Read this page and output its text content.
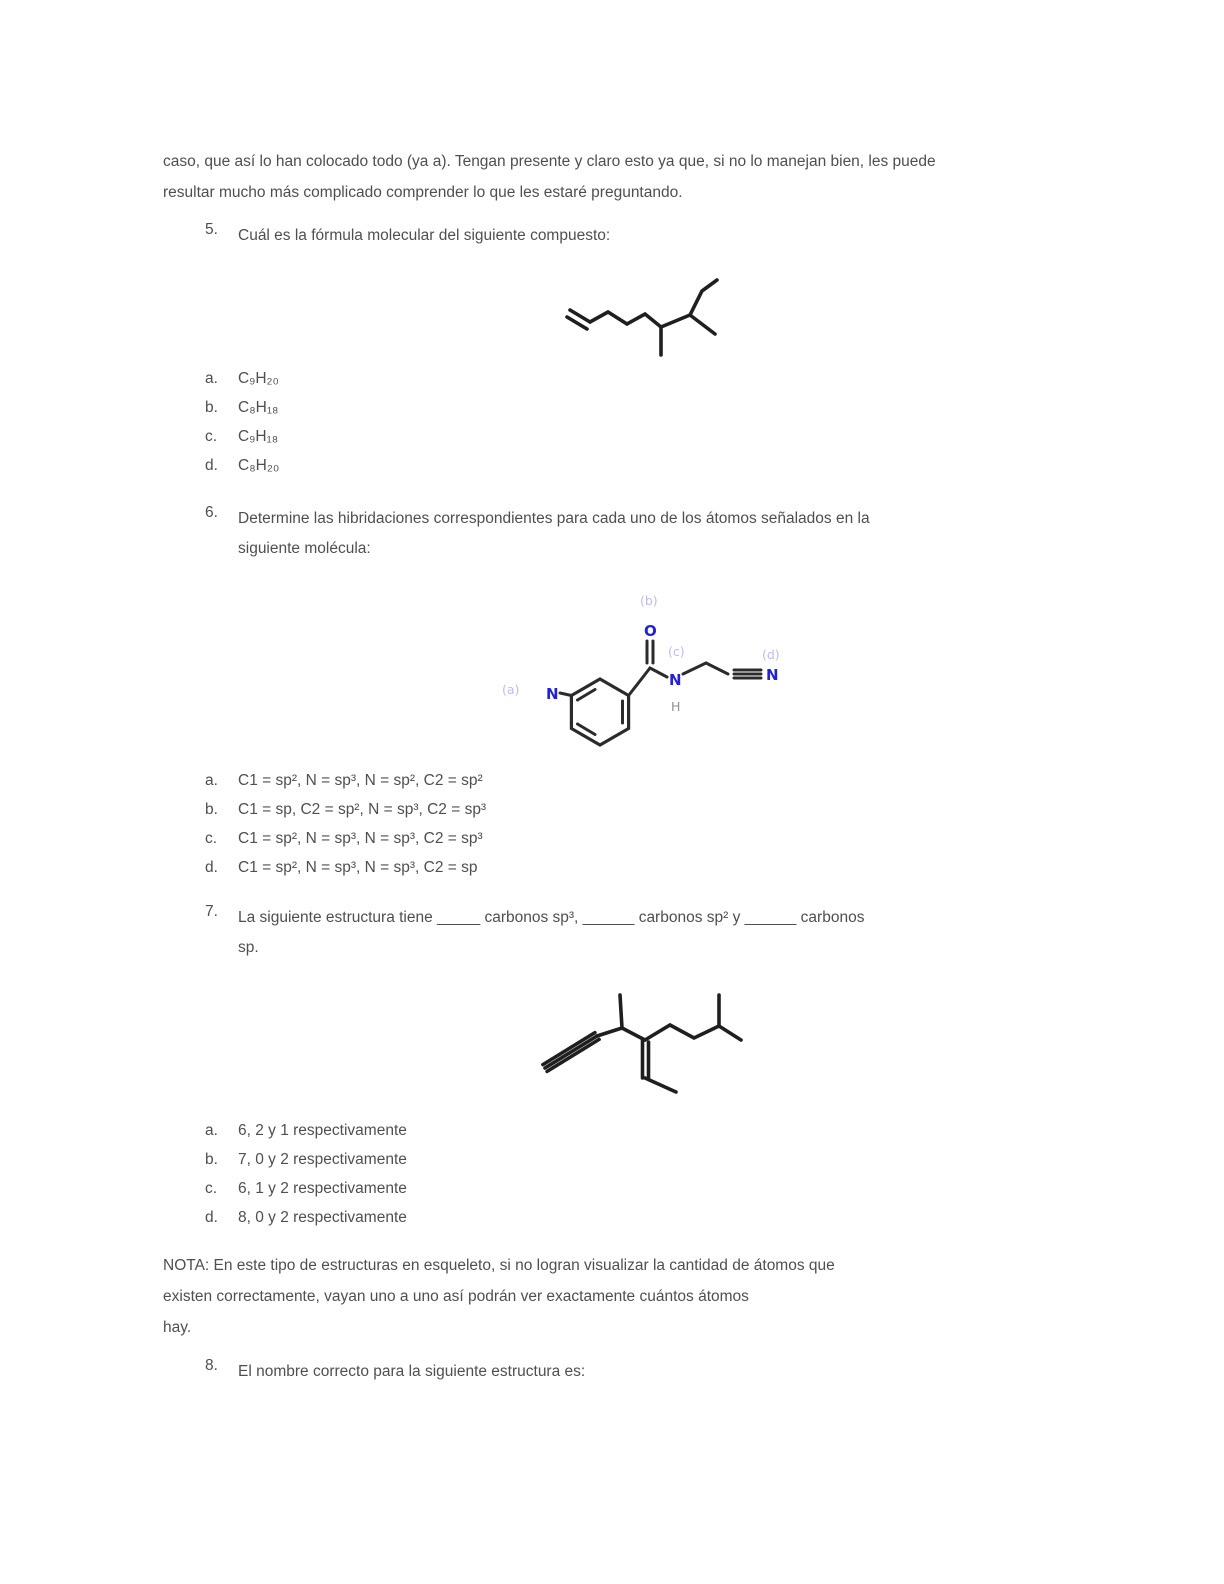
caso, que así lo han colocado todo (ya a). Tengan presente y claro esto ya que, si no lo manejan bien, les puede
resultar mucho más complicado comprender lo que les estaré preguntando.
5.	Cuál es la fórmula molecular del siguiente compuesto:
a.	C₉H₂₀
b.	C₈H₁₈
c.	C₉H₁₈
d.	C₈H₂₀
6.	Determine las hibridaciones correspondientes para cada uno de los átomos señalados en la
siguiente molécula:
N
(a)
O
(b)
N
H
(c)
N
(d)
a.	C1 = sp², N = sp³, N = sp², C2 = sp²
b.	C1 = sp, C2 = sp², N = sp³, C2 = sp³
c.	C1 = sp², N = sp³, N = sp³, C2 = sp³
d.	C1 = sp², N = sp³, N = sp³, C2 = sp
7.	La siguiente estructura tiene _____ carbonos sp³, ______ carbonos sp² y ______ carbonos
sp.
a.	6, 2 y 1 respectivamente
b.	7, 0 y 2 respectivamente
c.	6, 1 y 2 respectivamente
d.	8, 0 y 2 respectivamente
NOTA: En este tipo de estructuras en esqueleto, si no logran visualizar la cantidad de átomos que
existen correctamente, vayan uno a uno así podrán ver exactamente cuántos átomos
hay.
8.	El nombre correcto para la siguiente estructura es:
